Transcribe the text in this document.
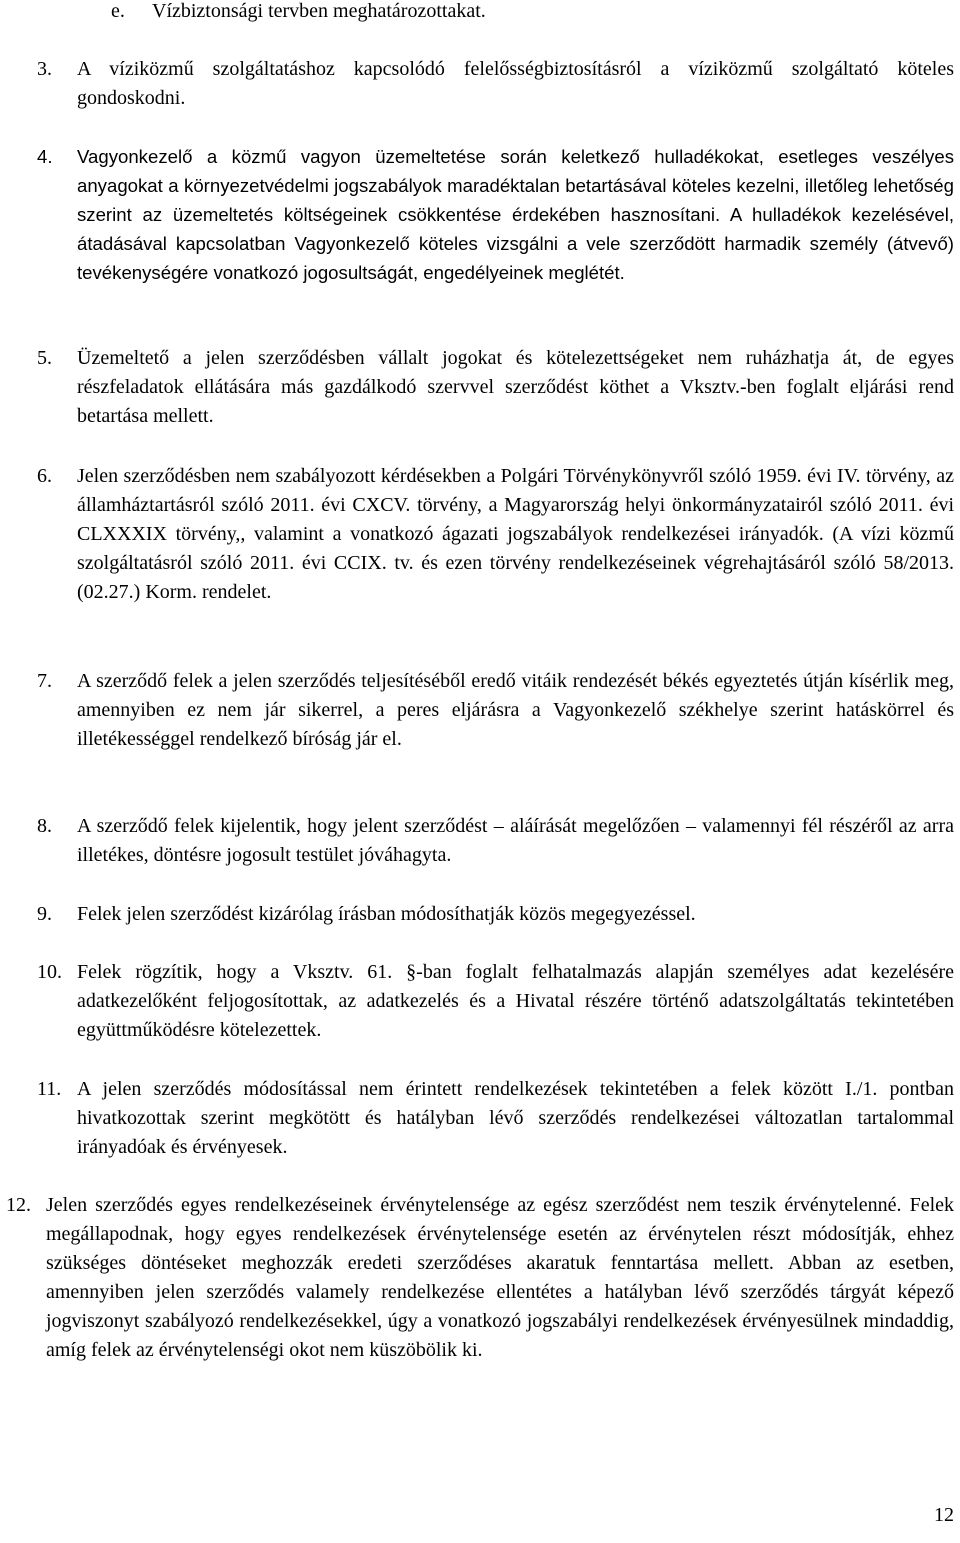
e. Vízbiztonsági tervben meghatározottakat.
3. A víziközmű szolgáltatáshoz kapcsolódó felelősségbiztosításról a víziközmű szolgáltató köteles gondoskodni.
4. Vagyonkezelő a közmű vagyon üzemeltetése során keletkező hulladékokat, esetleges veszélyes anyagokat a környezetvédelmi jogszabályok maradéktalan betartásával köteles kezelni, illetőleg lehetőség szerint az üzemeltetés költségeinek csökkentése érdekében hasznosítani. A hulladékok kezelésével, átadásával kapcsolatban Vagyonkezelő köteles vizsgálni a vele szerződött harmadik személy (átvevő) tevékenységére vonatkozó jogosultságát, engedélyeinek meglétét.
5. Üzemeltető a jelen szerződésben vállalt jogokat és kötelezettségeket nem ruházhatja át, de egyes részfeladatok ellátására más gazdálkodó szervvel szerződést köthet a Vksztv.-ben foglalt eljárási rend betartása mellett.
6. Jelen szerződésben nem szabályozott kérdésekben a Polgári Törvénykönyvről szóló 1959. évi IV. törvény, az államháztartásról szóló 2011. évi CXCV. törvény, a Magyarország helyi önkormányzatairól szóló 2011. évi CLXXXIX törvény,, valamint a vonatkozó ágazati jogszabályok rendelkezései irányadók. (A vízi közmű szolgáltatásról szóló 2011. évi CCIX. tv. és ezen törvény rendelkezéseinek végrehajtásáról szóló 58/2013. (02.27.) Korm. rendelet.
7. A szerződő felek a jelen szerződés teljesítéséből eredő vitáik rendezését békés egyeztetés útján kísérlik meg, amennyiben ez nem jár sikerrel, a peres eljárásra a Vagyonkezelő székhelye szerint hatáskörrel és illetékességgel rendelkező bíróság jár el.
8. A szerződő felek kijelentik, hogy jelent szerződést – aláírását megelőzően – valamennyi fél részéről az arra illetékes, döntésre jogosult testület jóváhagyta.
9. Felek jelen szerződést kizárólag írásban módosíthatják közös megegyezéssel.
10. Felek rögzítik, hogy a Vksztv. 61. §-ban foglalt felhatalmazás alapján személyes adat kezelésére adatkezelőként feljogosítottak, az adatkezelés és a Hivatal részére történő adatszolgáltatás tekintetében együttműködésre kötelezettek.
11. A jelen szerződés módosítással nem érintett rendelkezések tekintetében a felek között I./1. pontban hivatkozottak szerint megkötött és hatályban lévő szerződés rendelkezései változatlan tartalommal irányadóak és érvényesek.
12. Jelen szerződés egyes rendelkezéseinek érvénytelensége az egész szerződést nem teszik érvénytelenné. Felek megállapodnak, hogy egyes rendelkezések érvénytelensége esetén az érvénytelen részt módosítják, ehhez szükséges döntéseket meghozzák eredeti szerződéses akaratuk fenntartása mellett. Abban az esetben, amennyiben jelen szerződés valamely rendelkezése ellentétes a hatályban lévő szerződés tárgyát képező jogviszonyt szabályozó rendelkezésekkel, úgy a vonatkozó jogszabályi rendelkezések érvényesülnek mindaddig, amíg felek az érvénytelenségi okot nem küszöbölik ki.
12
